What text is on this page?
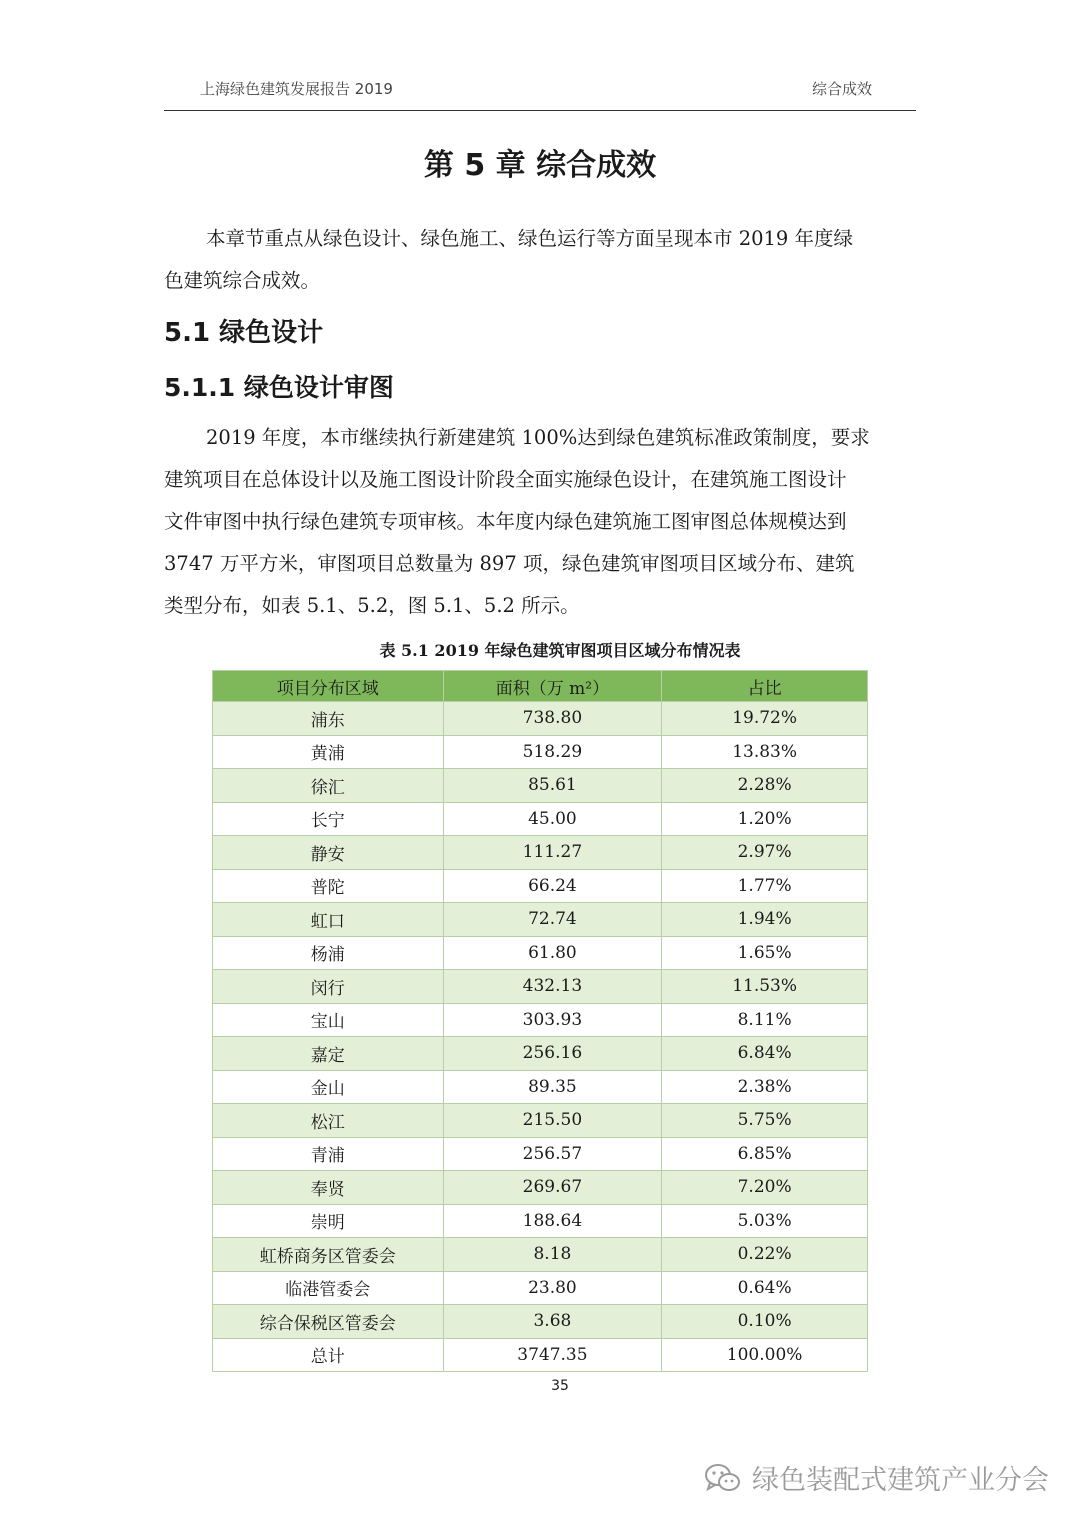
上海绿色建筑发展报告 2019	综合成效
第 5 章 综合成效
本章节重点从绿色设计、绿色施工、绿色运行等方面呈现本市 2019 年度绿
色建筑综合成效。
5.1 绿色设计
5.1.1 绿色设计审图
2019 年度，本市继续执行新建建筑 100%达到绿色建筑标准政策制度，要求
建筑项目在总体设计以及施工图设计阶段全面实施绿色设计，在建筑施工图设计
文件审图中执行绿色建筑专项审核。本年度内绿色建筑施工图审图总体规模达到
3747 万平方米，审图项目总数量为 897 项，绿色建筑审图项目区域分布、建筑
类型分布，如表 5.1、5.2，图 5.1、5.2 所示。
表 5.1 2019 年绿色建筑审图项目区域分布情况表
项目分布区域	面积（万 m²）	占比
浦东	738.80	19.72%
黄浦	518.29	13.83%
徐汇	85.61	2.28%
长宁	45.00	1.20%
静安	111.27	2.97%
普陀	66.24	1.77%
虹口	72.74	1.94%
杨浦	61.80	1.65%
闵行	432.13	11.53%
宝山	303.93	8.11%
嘉定	256.16	6.84%
金山	89.35	2.38%
松江	215.50	5.75%
青浦	256.57	6.85%
奉贤	269.67	7.20%
崇明	188.64	5.03%
虹桥商务区管委会	8.18	0.22%
临港管委会	23.80	0.64%
综合保税区管委会	3.68	0.10%
总计	3747.35	100.00%
35
绿色装配式建筑产业分会
